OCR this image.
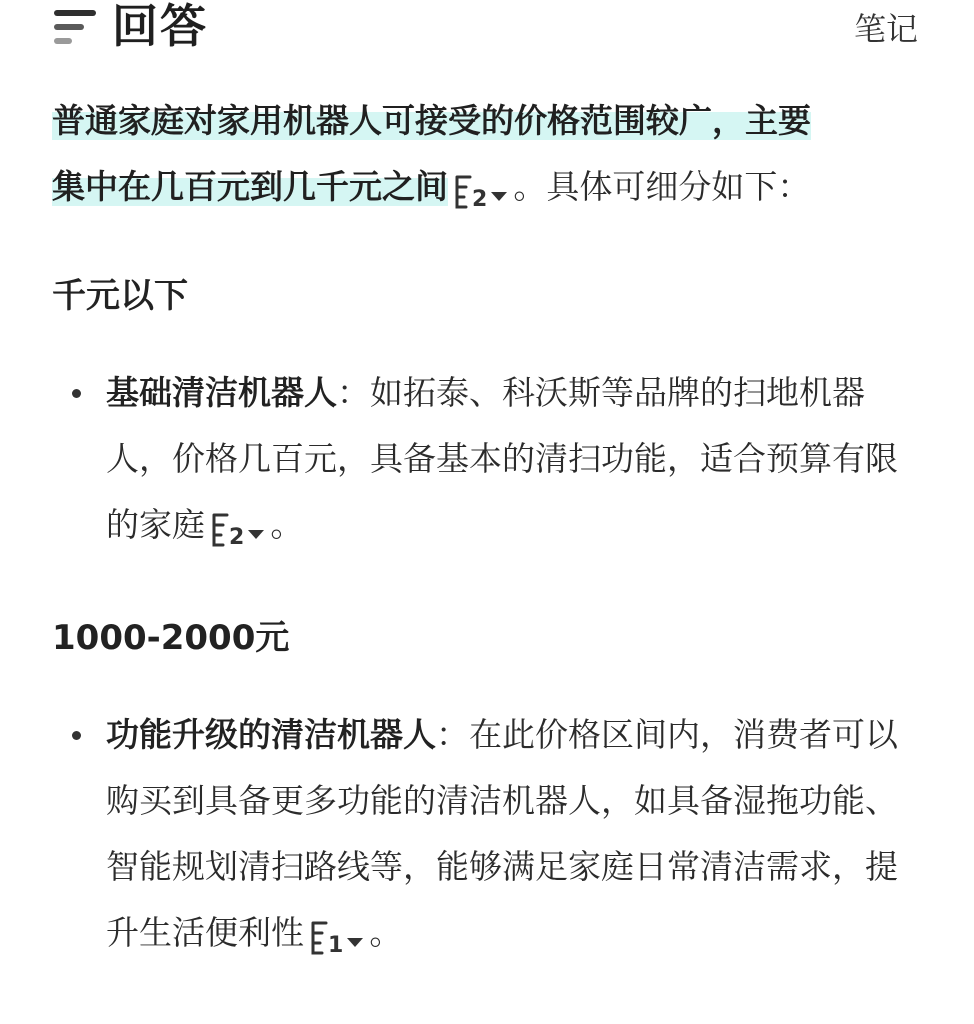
回答	笔记

普通家庭对家用机器人可接受的价格范围较广，主要
集中在几百元到几千元之间 2 。具体可细分如下：

千元以下

基础清洁机器人：如拓泰、科沃斯等品牌的扫地机器人，价格几百元，具备基本的清扫功能，适合预算有限的家庭 2 。

1000-2000元

功能升级的清洁机器人：在此价格区间内，消费者可以购买到具备更多功能的清洁机器人，如具备湿拖功能、智能规划清扫路线等，能够满足家庭日常清洁需求，提升生活便利性 1 。
